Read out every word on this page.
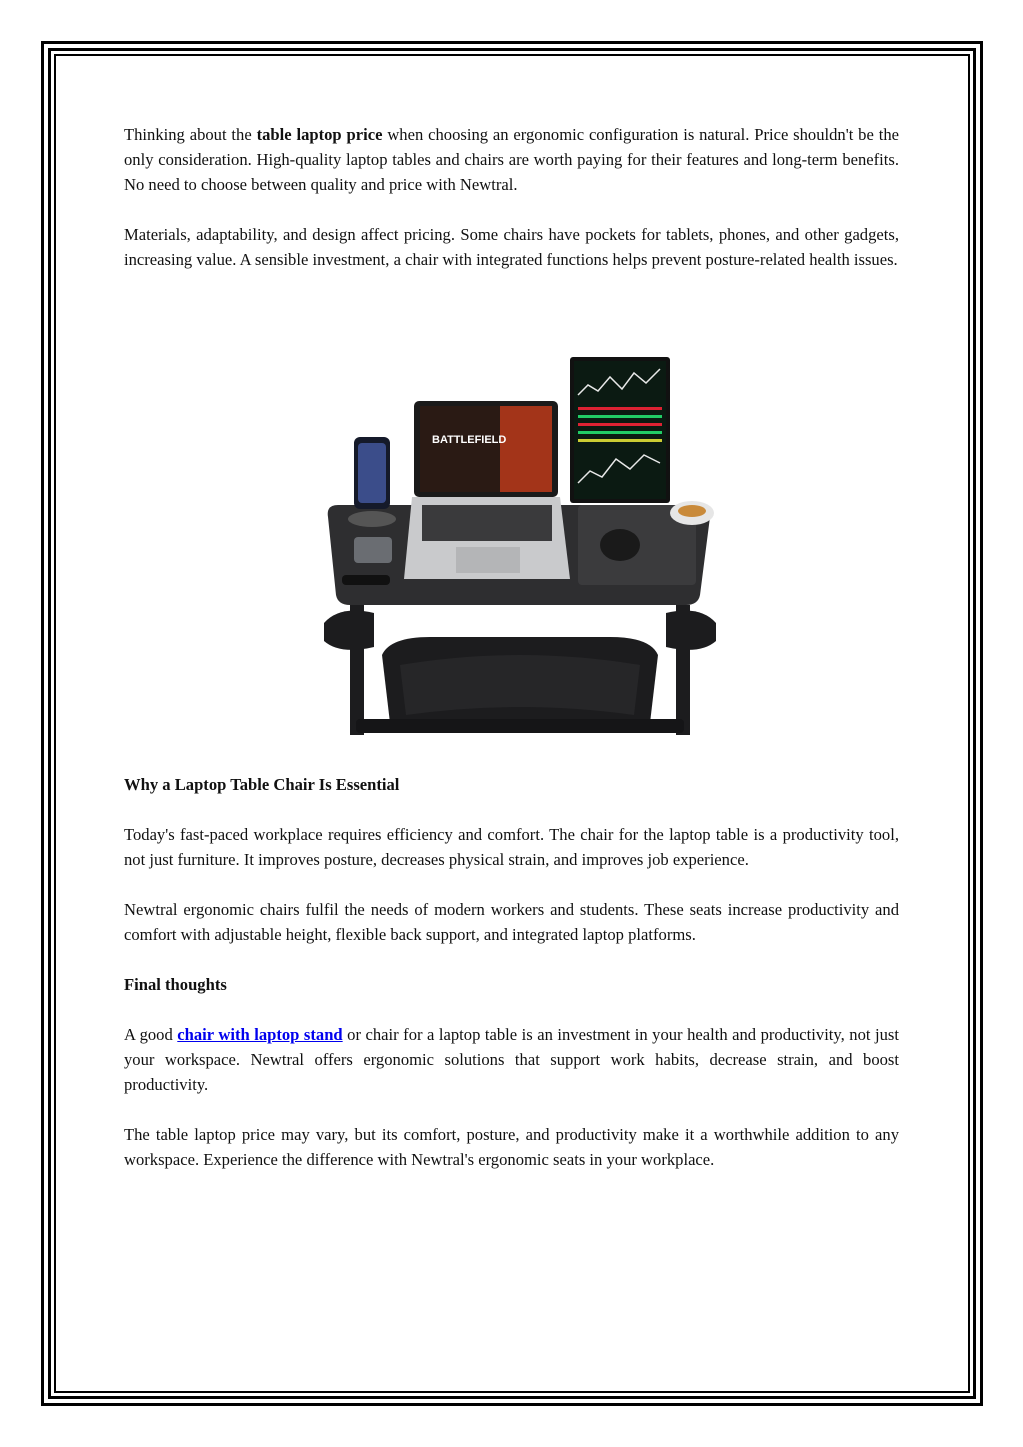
Thinking about the table laptop price when choosing an ergonomic configuration is natural. Price shouldn't be the only consideration. High-quality laptop tables and chairs are worth paying for their features and long-term benefits. No need to choose between quality and price with Newtral.

Materials, adaptability, and design affect pricing. Some chairs have pockets for tablets, phones, and other gadgets, increasing value. A sensible investment, a chair with integrated functions helps prevent posture-related health issues.

BATTLEFIELD
Why a Laptop Table Chair Is Essential

Today's fast-paced workplace requires efficiency and comfort. The chair for the laptop table is a productivity tool, not just furniture. It improves posture, decreases physical strain, and improves job experience.

Newtral ergonomic chairs fulfil the needs of modern workers and students. These seats increase productivity and comfort with adjustable height, flexible back support, and integrated laptop platforms.

Final thoughts

A good chair with laptop stand or chair for a laptop table is an investment in your health and productivity, not just your workspace. Newtral offers ergonomic solutions that support work habits, decrease strain, and boost productivity.

The table laptop price may vary, but its comfort, posture, and productivity make it a worthwhile addition to any workspace. Experience the difference with Newtral's ergonomic seats in your workplace.
